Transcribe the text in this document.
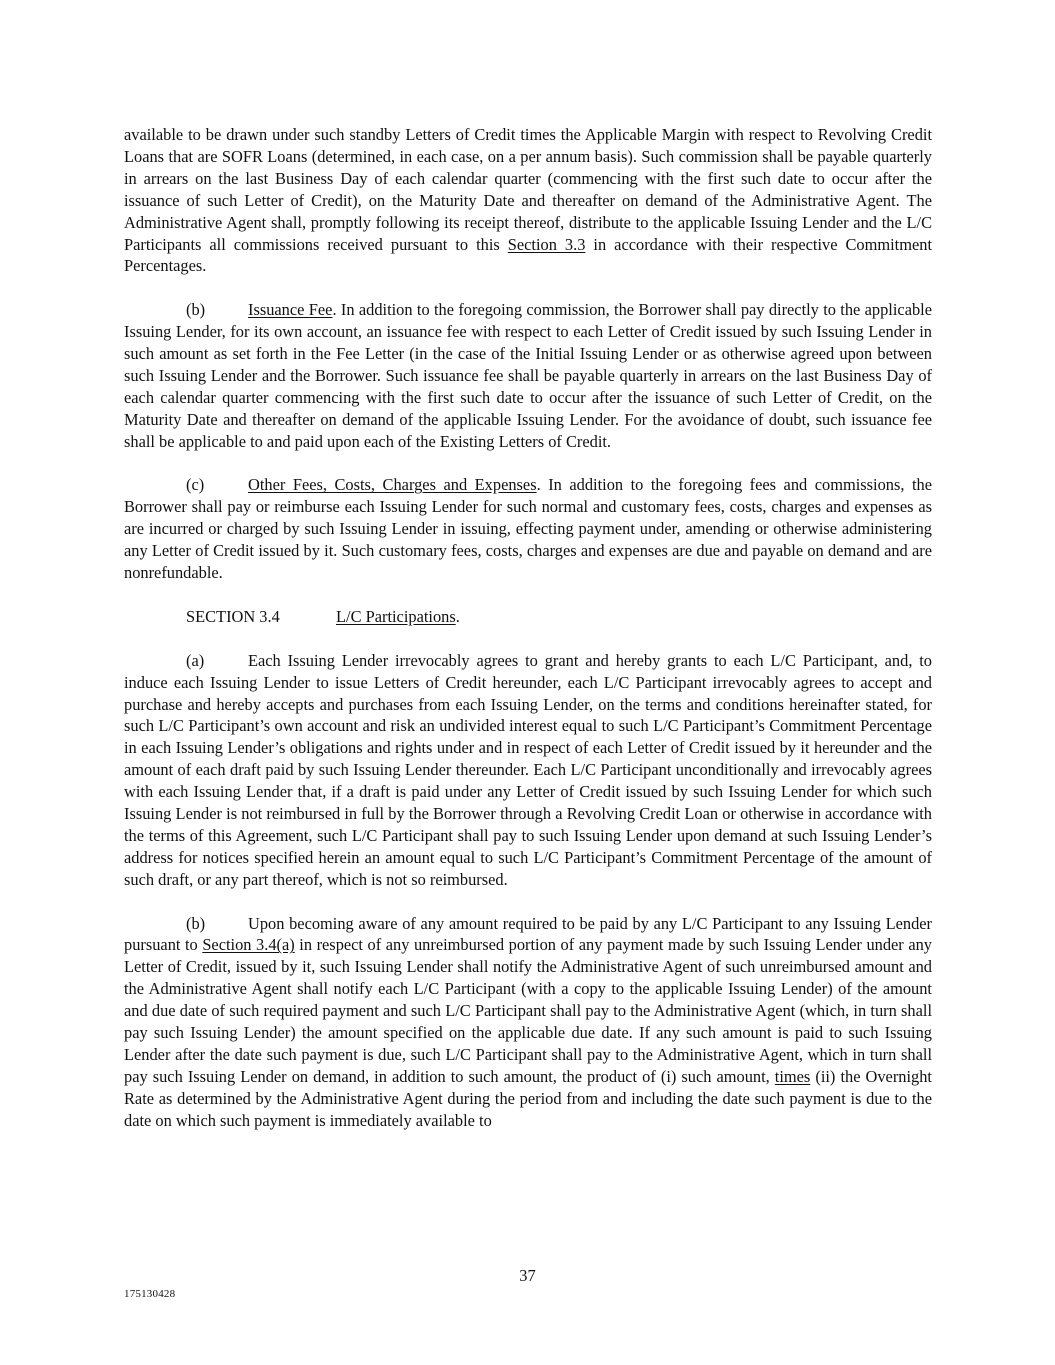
available to be drawn under such standby Letters of Credit times the Applicable Margin with respect to Revolving Credit Loans that are SOFR Loans (determined, in each case, on a per annum basis). Such commission shall be payable quarterly in arrears on the last Business Day of each calendar quarter (commencing with the first such date to occur after the issuance of such Letter of Credit), on the Maturity Date and thereafter on demand of the Administrative Agent. The Administrative Agent shall, promptly following its receipt thereof, distribute to the applicable Issuing Lender and the L/C Participants all commissions received pursuant to this Section 3.3 in accordance with their respective Commitment Percentages.

(b)	Issuance Fee. In addition to the foregoing commission, the Borrower shall pay directly to the applicable Issuing Lender, for its own account, an issuance fee with respect to each Letter of Credit issued by such Issuing Lender in such amount as set forth in the Fee Letter (in the case of the Initial Issuing Lender or as otherwise agreed upon between such Issuing Lender and the Borrower. Such issuance fee shall be payable quarterly in arrears on the last Business Day of each calendar quarter commencing with the first such date to occur after the issuance of such Letter of Credit, on the Maturity Date and thereafter on demand of the applicable Issuing Lender. For the avoidance of doubt, such issuance fee shall be applicable to and paid upon each of the Existing Letters of Credit.

(c)	Other Fees, Costs, Charges and Expenses. In addition to the foregoing fees and commissions, the Borrower shall pay or reimburse each Issuing Lender for such normal and customary fees, costs, charges and expenses as are incurred or charged by such Issuing Lender in issuing, effecting payment under, amending or otherwise administering any Letter of Credit issued by it. Such customary fees, costs, charges and expenses are due and payable on demand and are nonrefundable.

SECTION 3.4	L/C Participations.

(a)	Each Issuing Lender irrevocably agrees to grant and hereby grants to each L/C Participant, and, to induce each Issuing Lender to issue Letters of Credit hereunder, each L/C Participant irrevocably agrees to accept and purchase and hereby accepts and purchases from each Issuing Lender, on the terms and conditions hereinafter stated, for such L/C Participant’s own account and risk an undivided interest equal to such L/C Participant’s Commitment Percentage in each Issuing Lender’s obligations and rights under and in respect of each Letter of Credit issued by it hereunder and the amount of each draft paid by such Issuing Lender thereunder. Each L/C Participant unconditionally and irrevocably agrees with each Issuing Lender that, if a draft is paid under any Letter of Credit issued by such Issuing Lender for which such Issuing Lender is not reimbursed in full by the Borrower through a Revolving Credit Loan or otherwise in accordance with the terms of this Agreement, such L/C Participant shall pay to such Issuing Lender upon demand at such Issuing Lender’s address for notices specified herein an amount equal to such L/C Participant’s Commitment Percentage of the amount of such draft, or any part thereof, which is not so reimbursed.

(b)	Upon becoming aware of any amount required to be paid by any L/C Participant to any Issuing Lender pursuant to Section 3.4(a) in respect of any unreimbursed portion of any payment made by such Issuing Lender under any Letter of Credit, issued by it, such Issuing Lender shall notify the Administrative Agent of such unreimbursed amount and the Administrative Agent shall notify each L/C Participant (with a copy to the applicable Issuing Lender) of the amount and due date of such required payment and such L/C Participant shall pay to the Administrative Agent (which, in turn shall pay such Issuing Lender) the amount specified on the applicable due date. If any such amount is paid to such Issuing Lender after the date such payment is due, such L/C Participant shall pay to the Administrative Agent, which in turn shall pay such Issuing Lender on demand, in addition to such amount, the product of (i) such amount, times (ii) the Overnight Rate as determined by the Administrative Agent during the period from and including the date such payment is due to the date on which such payment is immediately available to

37
175130428
